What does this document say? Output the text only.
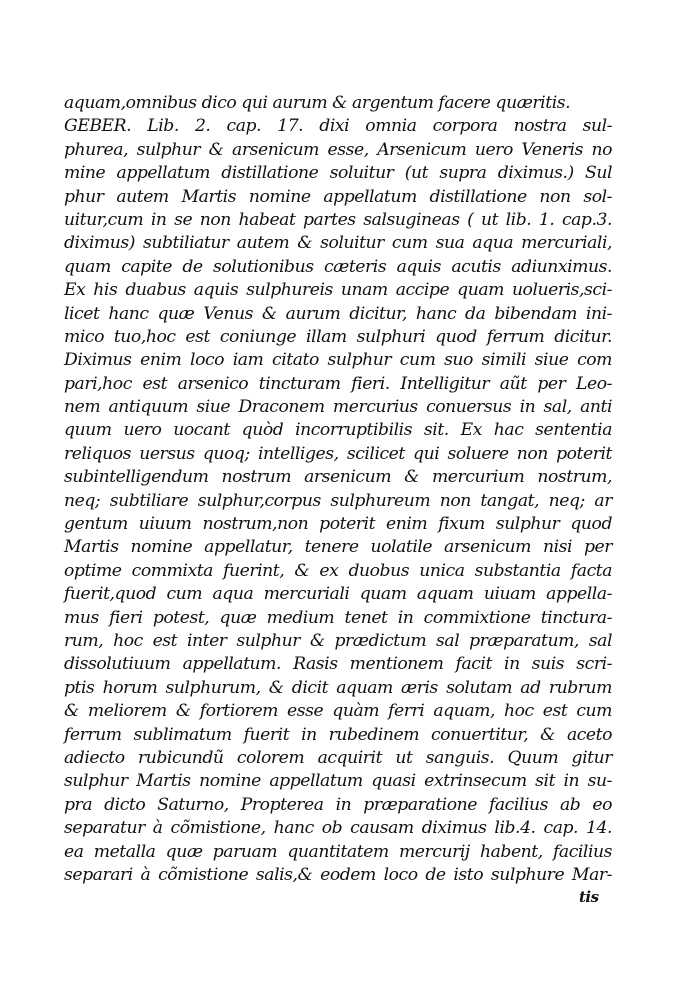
aquam,omnibus dico qui aurum & argentum facere quæritis.
GEBER. Lib. 2. cap. 17. dixi omnia corpora nostra sul-
phurea, sulphur & arsenicum esse, Arsenicum uero Veneris no
mine appellatum distillatione soluitur (ut supra diximus.) Sul
phur autem Martis nomine appellatum distillatione non sol-
uitur,cum in se non habeat partes salsugineas ( ut lib. 1. cap.3.
diximus) subtiliatur autem & soluitur cum sua aqua mercuriali,
quam capite de solutionibus cæteris aquis acutis adiunximus.
Ex his duabus aquis sulphureis unam accipe quam uolueris,sci-
licet hanc quæ Venus & aurum dicitur, hanc da bibendam ini-
mico tuo,hoc est coniunge illam sulphuri quod ferrum dicitur.
Diximus enim loco iam citato sulphur cum suo simili siue com
pari,hoc est arsenico tincturam fieri. Intelligitur aũt per Leo-
nem antiquum siue Draconem mercurius conuersus in sal, anti
quum uero uocant quòd incorruptibilis sit. Ex hac sententia
reliquos uersus quoq; intelliges, scilicet qui soluere non poterit
subintelligendum nostrum arsenicum & mercurium nostrum,
neq; subtiliare sulphur,corpus sulphureum non tangat, neq; ar
gentum uiuum nostrum,non poterit enim fixum sulphur quod
Martis nomine appellatur, tenere uolatile arsenicum nisi per
optime commixta fuerint, & ex duobus unica substantia facta
fuerit,quod cum aqua mercuriali quam aquam uiuam appella-
mus fieri potest, quæ medium tenet in commixtione tinctura-
rum, hoc est inter sulphur & prædictum sal præparatum, sal
dissolutiuum appellatum. Rasis mentionem facit in suis scri-
ptis horum sulphurum, & dicit aquam æris solutam ad rubrum
& meliorem & fortiorem esse quàm ferri aquam, hoc est cum
ferrum sublimatum fuerit in rubedinem conuertitur, & aceto
adiecto rubicundũ colorem acquirit ut sanguis. Quum gitur
sulphur Martis nomine appellatum quasi extrinsecum sit in su-
pra dicto Saturno, Propterea in præparatione facilius ab eo
separatur à cõmistione, hanc ob causam diximus lib.4. cap. 14.
ea metalla quæ paruam quantitatem mercurij habent, facilius
separari à cõmistione salis,& eodem loco de isto sulphure Mar-
tis
